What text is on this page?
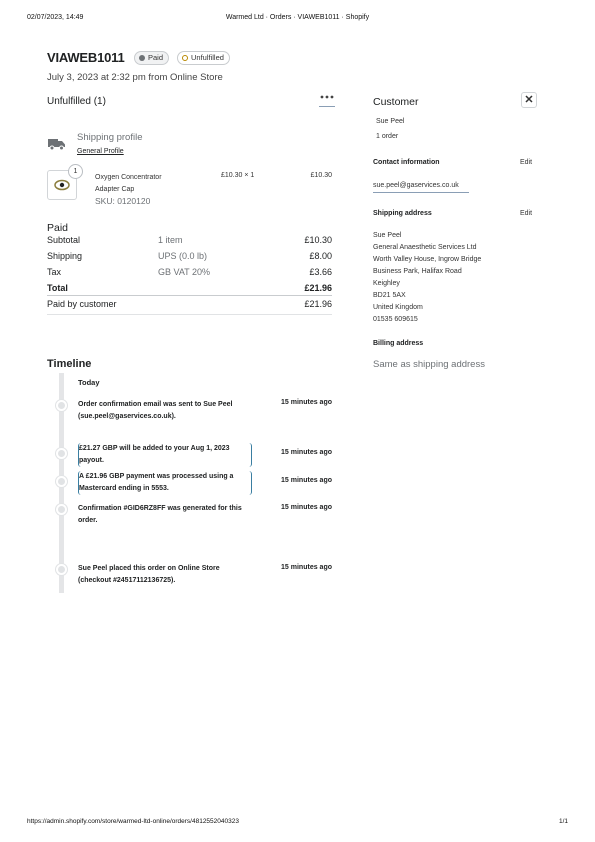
02/07/2023, 14:49	Warmed Ltd · Orders · VIAWEB1011 · Shopify
https://admin.shopify.com/store/warmed-ltd-online/orders/4812552040323	1/1
VIAWEB1011	Paid	Unfulfilled
July 3, 2023 at 2:32 pm from Online Store
Unfulfilled (1)
Shipping profile
General Profile
1
Oxygen Concentrator
Adapter Cap
SKU: 0120120
£10.30 × 1	£10.30
Paid
Subtotal	1 item	£10.30
Shipping	UPS (0.0 lb)	£8.00
Tax	GB VAT 20%	£3.66
Total	£21.96
Paid by customer	£21.96
Customer	✕
Sue Peel
1 order
Contact information	Edit
sue.peel@gaservices.co.uk
Shipping address	Edit
Sue Peel
General Anaesthetic Services Ltd
Worth Valley House, Ingrow Bridge
Business Park, Halifax Road
Keighley
BD21 5AX
United Kingdom
01535 609615
Billing address
Same as shipping address
Timeline
Today
Order confirmation email was sent to Sue Peel
(sue.peel@gaservices.co.uk).
15 minutes ago
£21.27 GBP will be added to your Aug 1, 2023
payout.
15 minutes ago
A £21.96 GBP payment was processed using a
Mastercard ending in 5553.
15 minutes ago
Confirmation #GID6RZ8FF was generated for this
order.
15 minutes ago
Sue Peel placed this order on Online Store
(checkout #24517112136725).
15 minutes ago
